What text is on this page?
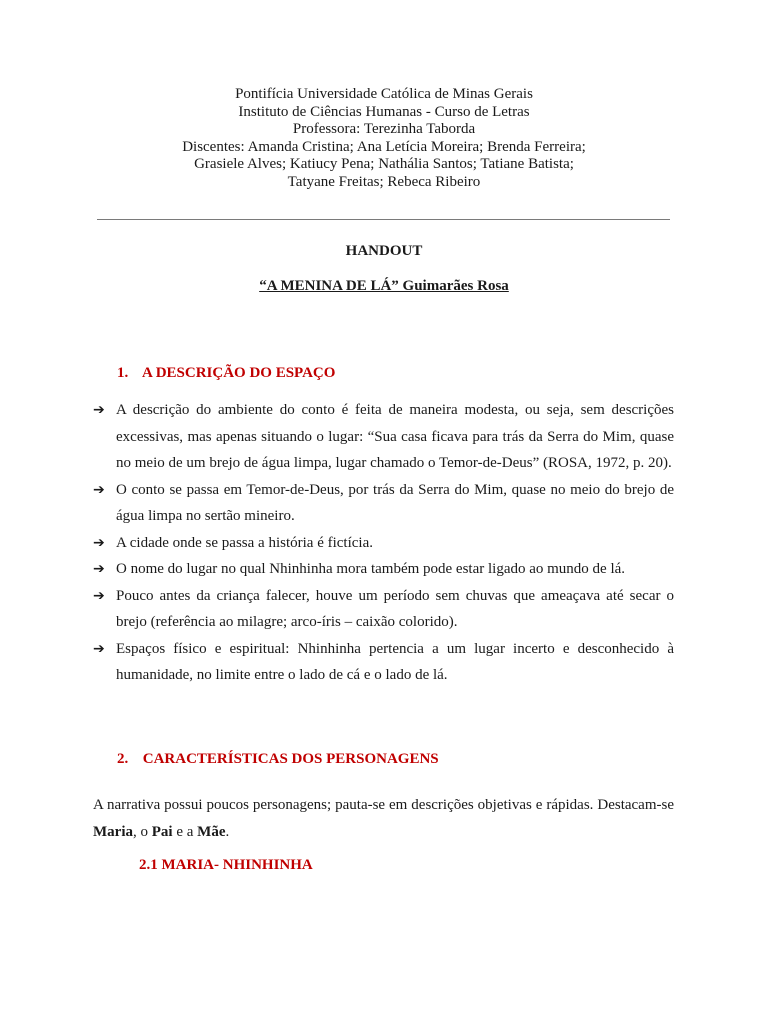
Pontifícia Universidade Católica de Minas Gerais
Instituto de Ciências Humanas - Curso de Letras
Professora: Terezinha Taborda
Discentes: Amanda Cristina; Ana Letícia Moreira; Brenda Ferreira;
Grasiele Alves; Katiucy Pena; Nathália Santos; Tatiane Batista;
Tatyane Freitas; Rebeca Ribeiro
HANDOUT
“A MENINA DE LÁ” Guimarães Rosa
1. A DESCRIÇÃO DO ESPAÇO
➔ A descrição do ambiente do conto é feita de maneira modesta, ou seja, sem descrições excessivas, mas apenas situando o lugar: “Sua casa ficava para trás da Serra do Mim, quase no meio de um brejo de água limpa, lugar chamado o Temor-de-Deus” (ROSA, 1972, p. 20).
➔ O conto se passa em Temor-de-Deus, por trás da Serra do Mim, quase no meio do brejo de água limpa no sertão mineiro.
➔ A cidade onde se passa a história é fictícia.
➔ O nome do lugar no qual Nhinhinha mora também pode estar ligado ao mundo de lá.
➔ Pouco antes da criança falecer, houve um período sem chuvas que ameaçava até secar o brejo (referência ao milagre; arco-íris – caixão colorido).
➔ Espaços físico e espiritual: Nhinhinha pertencia a um lugar incerto e desconhecido à humanidade, no limite entre o lado de cá e o lado de lá.
2. CARACTERÍSTICAS DOS PERSONAGENS

A narrativa possui poucos personagens; pauta-se em descrições objetivas e rápidas. Destacam-se Maria, o Pai e a Mãe.

2.1 MARIA- NHINHINHA
